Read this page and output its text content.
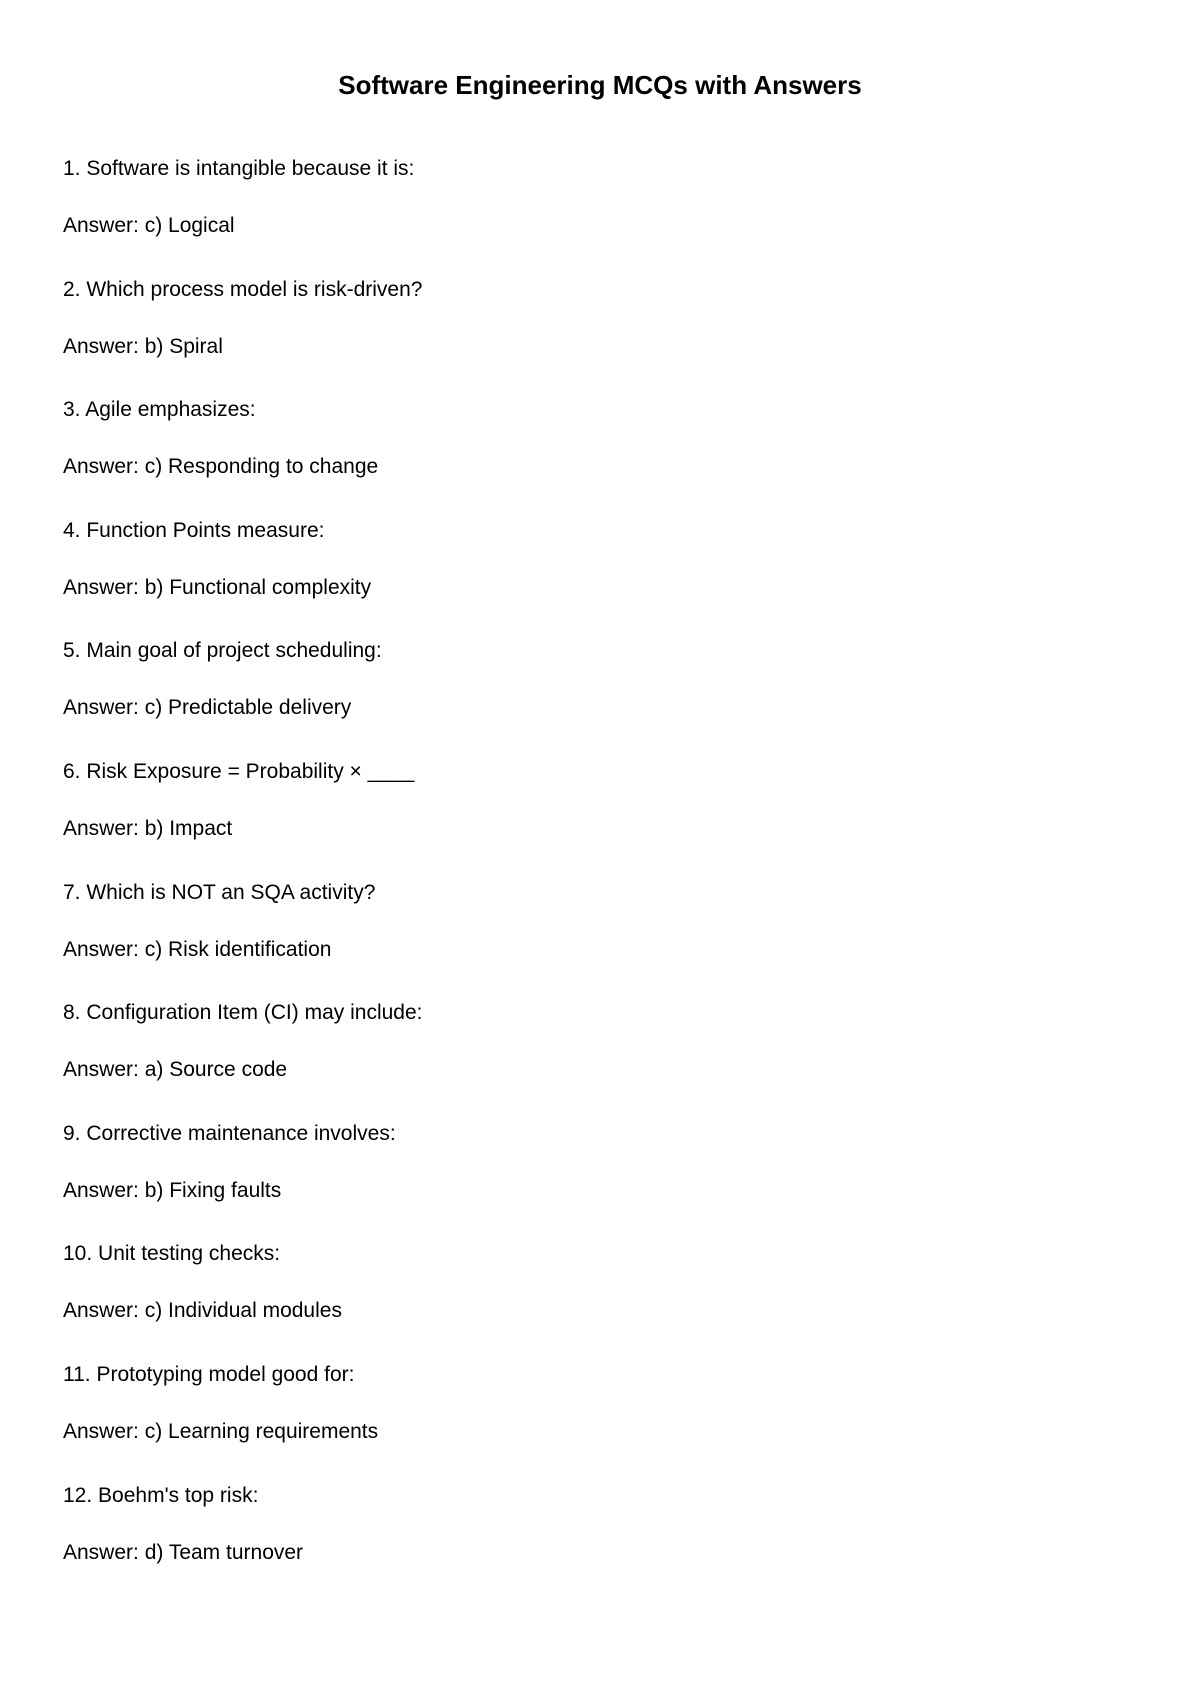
Software Engineering MCQs with Answers
1. Software is intangible because it is:
Answer: c) Logical
2. Which process model is risk-driven?
Answer: b) Spiral
3. Agile emphasizes:
Answer: c) Responding to change
4. Function Points measure:
Answer: b) Functional complexity
5. Main goal of project scheduling:
Answer: c) Predictable delivery
6. Risk Exposure = Probability × ____
Answer: b) Impact
7. Which is NOT an SQA activity?
Answer: c) Risk identification
8. Configuration Item (CI) may include:
Answer: a) Source code
9. Corrective maintenance involves:
Answer: b) Fixing faults
10. Unit testing checks:
Answer: c) Individual modules
11. Prototyping model good for:
Answer: c) Learning requirements
12. Boehm's top risk:
Answer: d) Team turnover
